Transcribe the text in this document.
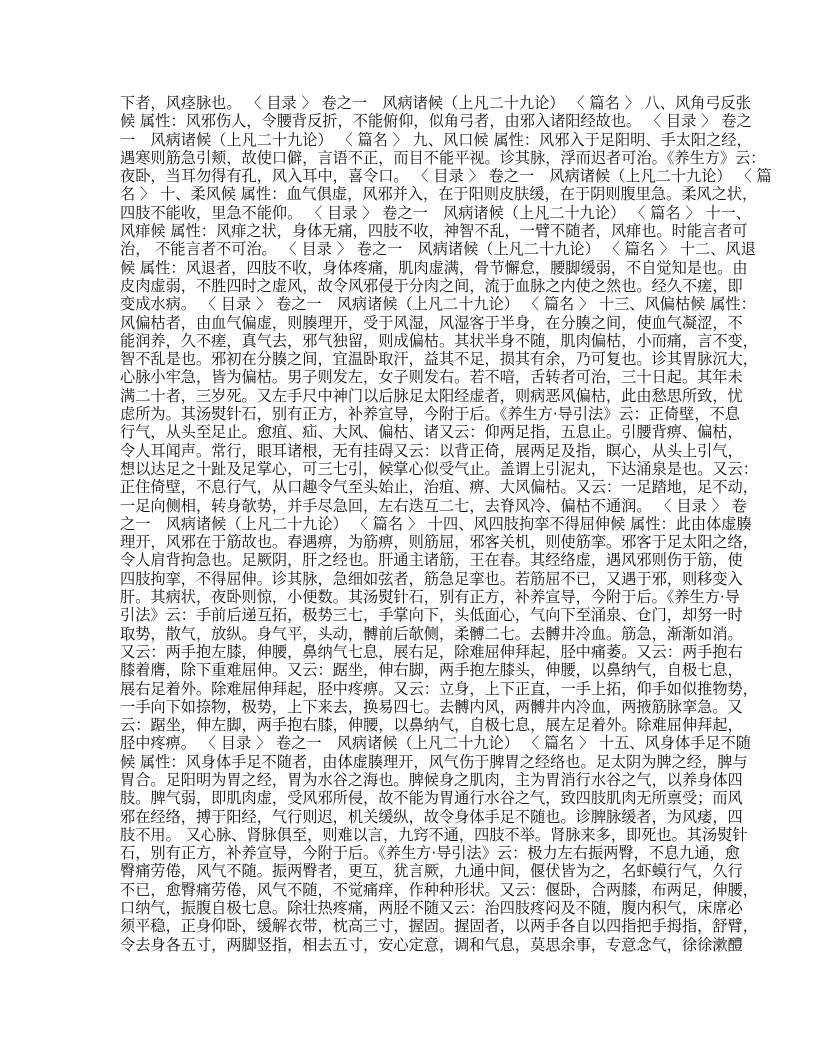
下者，风痉脉也。 〈 目录 〉 卷之一　风病诸候（上凡二十九论） 〈 篇名 〉 八、风角弓反张
候 属性：风邪伤人，令腰背反折，不能俯仰，似角弓者，由邪入诸阳经故也。 〈 目录 〉 卷之
一　风病诸候（上凡二十九论） 〈 篇名 〉 九、风口候 属性：风邪入于足阳明、手太阳之经，
遇寒则筋急引颊，故使口僻，言语不正，而目不能平视。诊其脉，浮而迟者可治。《养生方》云：
夜卧，当耳勿得有孔，风入耳中，喜令口。 〈 目录 〉 卷之一　风病诸候（上凡二十九论） 〈 篇
名 〉 十、柔风候 属性：血气俱虚，风邪并入，在于阳则皮肤缓，在于阴则腹里急。柔风之状，
四肢不能收，里急不能仰。 〈 目录 〉 卷之一　风病诸候（上凡二十九论） 〈 篇名 〉 十一、
风痱候 属性：风痱之状，身体无痛，四肢不收，神智不乱，一臂不随者，风痱也。时能言者可
治， 不能言者不可治。 〈 目录 〉 卷之一　风病诸候（上凡二十九论） 〈 篇名 〉 十二、风退
候 属性：风退者，四肢不收，身体疼痛，肌肉虚满，骨节懈怠，腰脚缓弱，不自觉知是也。由
皮肉虚弱，不胜四时之虚风，故令风邪侵于分肉之间，流于血脉之内使之然也。经久不瘥，即
变成水病。 〈 目录 〉 卷之一　风病诸候（上凡二十九论） 〈 篇名 〉 十三、风偏枯候 属性：
风偏枯者，由血气偏虚，则腠理开，受于风湿，风湿客于半身，在分腠之间，使血气凝涩，不
能润养，久不瘥，真气去，邪气独留，则成偏枯。其状半身不随，肌肉偏枯，小而痛，言不变，
智不乱是也。邪初在分腠之间，宜温卧取汗，益其不足，损其有余，乃可复也。诊其胃脉沉大，
心脉小牢急，皆为偏枯。男子则发左，女子则发右。若不喑，舌转者可治，三十日起。其年未
满二十者，三岁死。又左手尺中神门以后脉足太阳经虚者，则病恶风偏枯，此由愁思所致，忧
虑所为。其汤熨针石，别有正方，补养宣导，今附于后。《养生方·导引法》云：正倚壁，不息
行气，从头至足止。愈疽、疝、大风、偏枯、诸又云：仰两足指，五息止。引腰背痹、偏枯，
令人耳闻声。常行，眼耳诸根，无有挂碍又云：以背正倚，展两足及指，瞑心，从头上引气，
想以达足之十趾及足掌心，可三七引，候掌心似受气止。盖谓上引泥丸，下达涌泉是也。又云：
正住倚壁，不息行气，从口趣令气至头始止，治疽、痹、大风偏枯。又云：一足踏地，足不动，
一足向侧相，转身欹势，并手尽急回，左右迭互二七，去脊风冷、偏枯不通润。 〈 目录 〉 卷
之一　风病诸候（上凡二十九论） 〈 篇名 〉 十四、风四肢拘挛不得屈伸候 属性：此由体虚腠
理开，风邪在于筋故也。春遇痹，为筋痹，则筋屈，邪客关机，则使筋挛。邪客于足太阳之络，
令人肩背拘急也。足厥阴，肝之经也。肝通主诸筋，王在春。其经络虚，遇风邪则伤于筋，使
四肢拘挛，不得屈伸。诊其脉，急细如弦者，筋急足挛也。若筋屈不已，又遇于邪，则移变入
肝。其病状，夜卧则惊，小便数。其汤熨针石，别有正方，补养宣导，今附于后。《养生方·导
引法》云：手前后递互拓，极势三七，手掌向下，头低面心，气向下至涌泉、仓门，却努一时
取势，散气，放纵。身气平，头动，髆前后欹侧，柔髆二七。去髆井冷血。筋急，渐渐如消。
又云：两手抱左膝，伸腰，鼻纳气七息，展右足，除难屈伸拜起，胫中痛萎。又云：两手抱右
膝着膺，除下重难屈伸。又云：踞坐，伸右脚，两手抱左膝头，伸腰，以鼻纳气，自极七息，
展右足着外。除难屈伸拜起，胫中疼痹。又云：立身，上下正直，一手上拓，仰手如似推物势，
一手向下如捺物，极势，上下来去，换易四七。去髆内风，两髆井内冷血，两掖筋脉挛急。又
云：踞坐，伸左脚，两手抱右膝，伸腰，以鼻纳气，自极七息，展左足着外。除难屈伸拜起，
胫中疼痹。 〈 目录 〉 卷之一　风病诸候（上凡二十九论） 〈 篇名 〉 十五、风身体手足不随
候 属性：风身体手足不随者，由体虚腠理开，风气伤于脾胃之经络也。足太阴为脾之经，脾与
胃合。足阳明为胃之经，胃为水谷之海也。脾候身之肌肉，主为胃消行水谷之气，以养身体四
肢。脾气弱，即肌肉虚，受风邪所侵，故不能为胃通行水谷之气，致四肢肌肉无所禀受；而风
邪在经络，搏于阳经，气行则迟，机关缓纵，故令身体手足不随也。诊脾脉缓者，为风痿，四
肢不用。 又心脉、肾脉俱至，则难以言，九窍不通，四肢不举。肾脉来多，即死也。其汤熨针
石，别有正方，补养宣导，今附于后。《养生方·导引法》云：极力左右振两臀，不息九通，愈
臀痛劳倦，风气不随。振两臀者，更互，犹言厥，九通中间，偃伏皆为之，名虾蟆行气，久行
不已，愈臀痛劳倦，风气不随，不觉痛痒，作种种形状。又云：偃卧，合两膝，布两足，伸腰，
口纳气，振腹自极七息。除壮热疼痛，两胫不随又云：治四肢疼闷及不随，腹内积气，床席必
须平稳，正身仰卧，缓解衣带，枕高三寸，握固。握固者，以两手各自以四指把手拇指，舒臂，
令去身各五寸，两脚竖指，相去五寸，安心定意，调和气息，莫思余事，专意念气，徐徐漱醴
